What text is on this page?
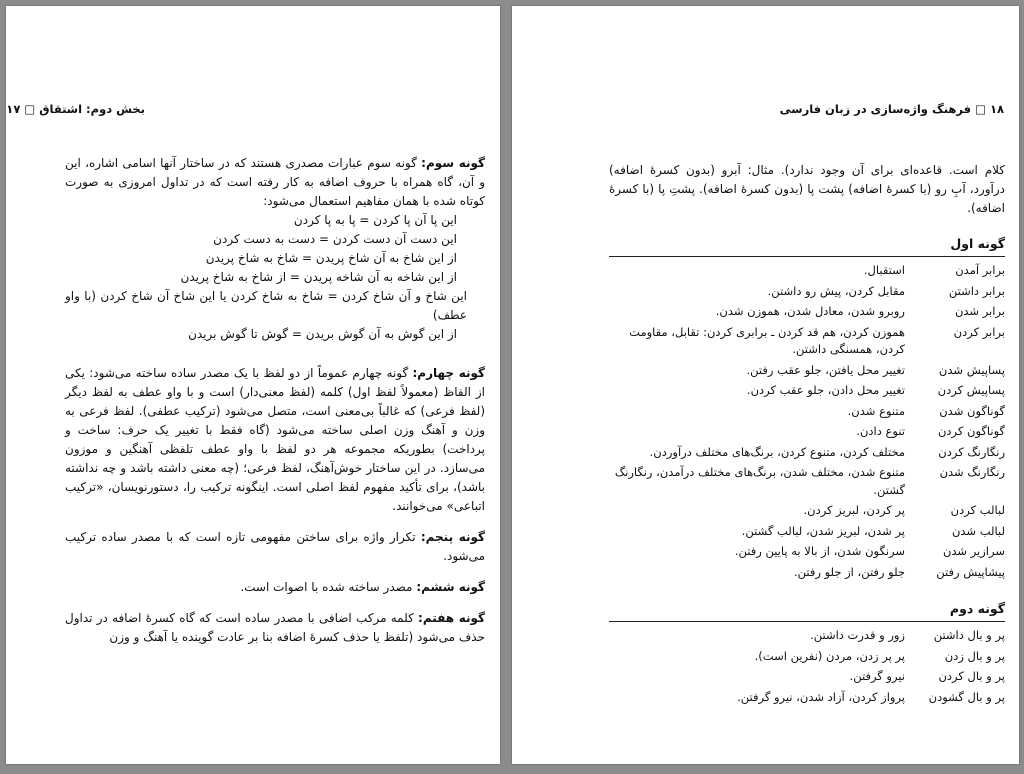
بخش دوم: اشتقاق □ ۱۷
گونه سوم: گونه سوم عبارات مصدری هستند که در ساختار آنها اسامی اشاره، این و آن، گاه همراه با حروف اضافه به کار رفته است که در تداول امروزی به صورت کوتاه شده با همان مفاهیم استعمال می‌شود:
این پا آن پا کردن = پا به پا کردن
این دست آن دست کردن = دست به دست کردن
از این شاخ به آن شاخ پریدن = شاخ به شاخ پریدن
از این شاخه به آن شاخه پریدن = از شاخ به شاخ پریدن
این شاخ و آن شاخ کردن = شاخ به شاخ کردن یا این شاخ آن شاخ کردن (با واو عطف)
از این گوش به آن گوش بریدن = گوش تا گوش بریدن
گونه چهارم: گونه چهارم عموماً از دو لفظ با یک مصدر ساده ساخته می‌شود: یکی از الفاظ (معمولاً لفظ اول) کلمه (لفظ معنی‌دار) است و با واو عطف به لفظ دیگر (لفظ فرعی) که غالباً بی‌معنی است، متصل می‌شود (ترکیب عطفی). لفظ فرعی به وزن و آهنگ وزن اصلی ساخته می‌شود (گاه فقط با تغییر یک حرف: ساخت و پرداخت) بطوریکه مجموعه هر دو لفظ با واو عطف تلفظی آهنگین و موزون می‌سازد. در این ساختار خوش‌آهنگ، لفظ فرعی؛ (چه معنی داشته باشد و چه نداشته باشد)، برای تأکید مفهوم لفظ اصلی است. اینگونه ترکیب را، دستورنویسان، «ترکیب اتباعی» می‌خوانند.
گونه پنجم: تکرار واژه برای ساختن مفهومی تازه است که با مصدر ساده ترکیب می‌شود.
گونه ششم: مصدر ساخته شده با اصوات است.
گونه هفتم: کلمه مرکب اضافی با مصدر ساده است که گاه کسرهٔ اضافه در تداول حذف می‌شود (تلفظ یا حذف کسرهٔ اضافه بنا بر عادت گوینده یا آهنگ و وزن
۱۸ □ فرهنگ واژه‌سازی در زبان فارسی

کلام است. قاعده‌ای برای آن وجود ندارد). مثال: آبرو (بدون کسرهٔ اضافه) درآورد، آبِ رو (با کسرهٔ اضافه) پشت پا (بدون کسرهٔ اضافه). پشتِ پا (با کسرهٔ اضافه).

گونه اول
برابر آمدن	استقبال.
برابر داشتن	مقابل کردن، پیش رو داشتن.
برابر شدن	روبرو شدن، معادل شدن، هموزن شدن.
برابر کردن	هموزن کردن، هم قد کردن ـ برابری کردن: تقابل، مقاومت کردن، همسنگی داشتن.
پساپیش شدن	تغییر محل یافتن، جلو عقب رفتن.
پساپیش کردن	تغییر محل دادن، جلو عقب کردن.
گوناگون شدن	متنوع شدن.
گوناگون کردن	تنوع دادن.
رنگارنگ کردن	مختلف کردن، متنوع کردن، برنگ‌های مختلف درآوردن.
رنگارنگ شدن	متنوع شدن، مختلف شدن، برنگ‌های مختلف درآمدن، رنگارنگ گشتن.
لبالب کردن	پر کردن، لبریز کردن.
لبالب شدن	پر شدن، لبریز شدن، لبالب گشتن.
سرازیر شدن	سرنگون شدن، از بالا به پایین رفتن.
پیشاپیش رفتن	جلو رفتن، از جلو رفتن.
گونه دوم
پر و بال داشتن	زور و قدرت داشتن.
پر و بال زدن	پر پر زدن، مردن (نفرین است).
پر و بال کردن	نیرو گرفتن.
پر و بال گشودن	پرواز کردن، آزاد شدن، نیرو گرفتن.
